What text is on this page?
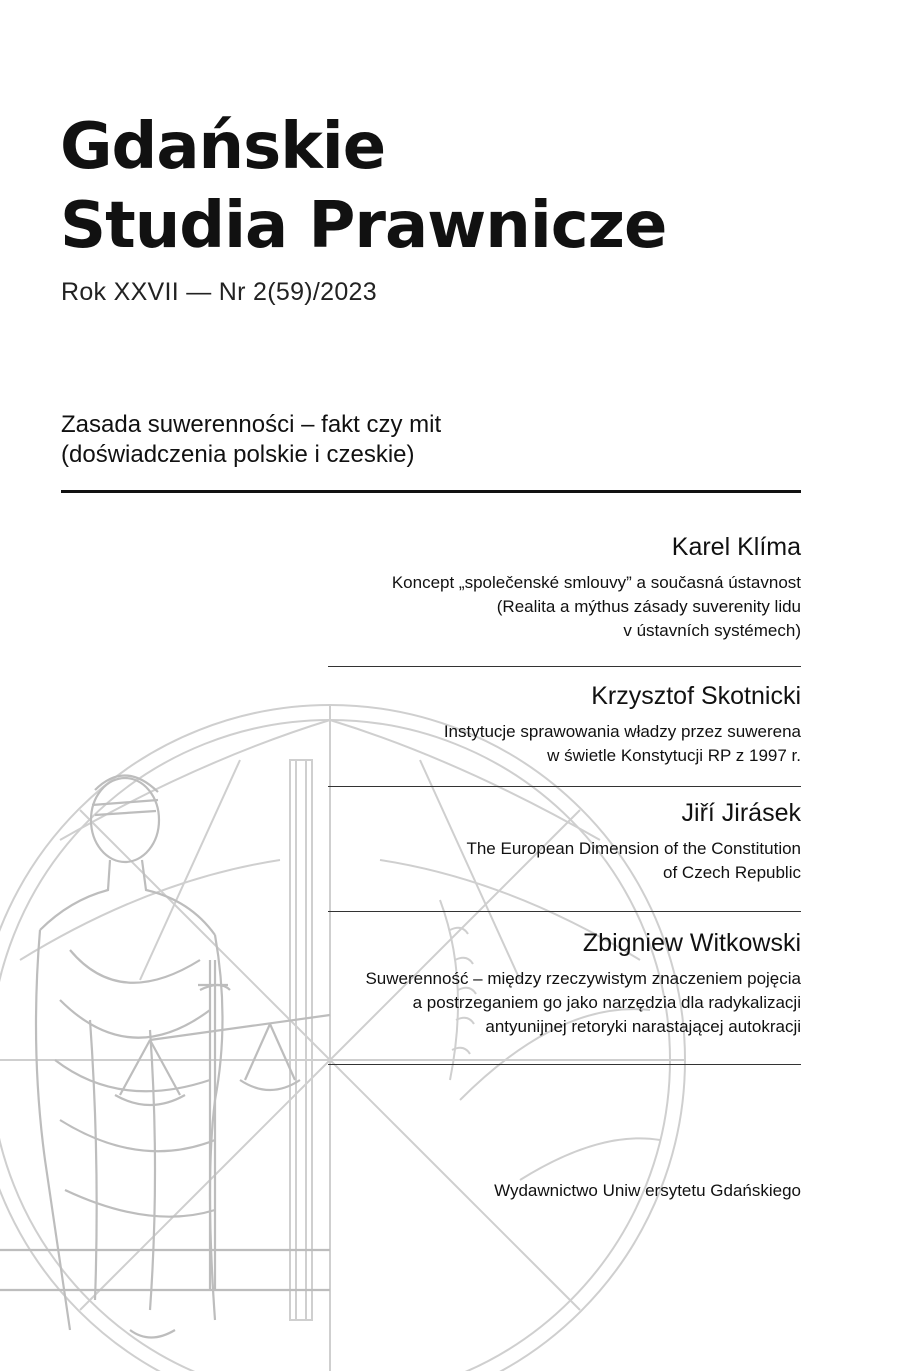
Gdańskie
Studia Prawnicze
Rok XXVII — Nr 2(59)/2023
Zasada suwerenności – fakt czy mit
(doświadczenia polskie i czeskie)
Karel Klíma
Koncept „společenské smlouvy” a současná ústavnost
(Realita a mýthus zásady suverenity lidu
v ústavních systémech)
Krzysztof Skotnicki
Instytucje sprawowania władzy przez suwerena
w świetle Konstytucji RP z 1997 r.
Jiří Jirásek
The European Dimension of the Constitution
of Czech Republic
Zbigniew Witkowski
Suwerenność – między rzeczywistym znaczeniem pojęcia
a postrzeganiem go jako narzędzia dla radykalizacji
antyunijnej retoryki narastającej autokracji
Wydawnictwo Uniw ersytetu Gdańskiego
